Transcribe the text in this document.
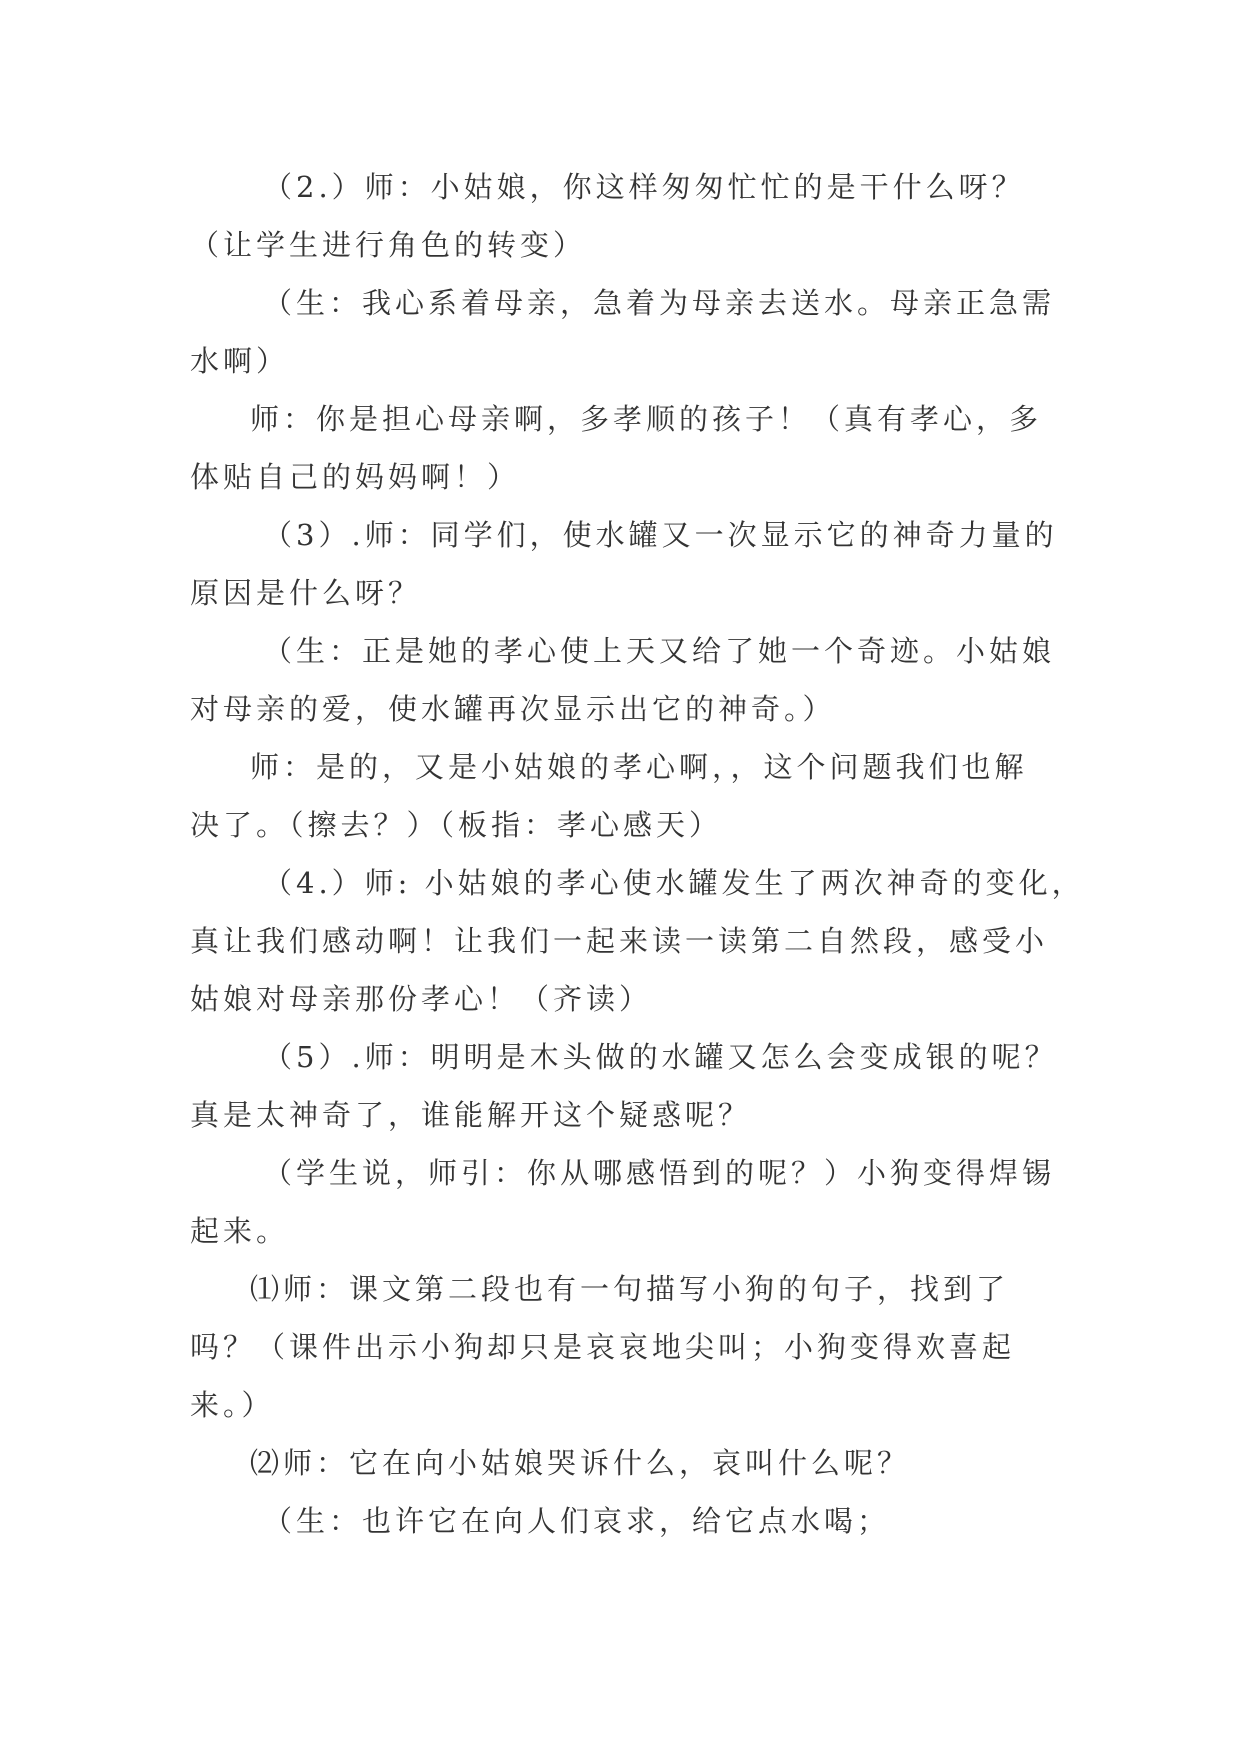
（2.）师：小姑娘，你这样匆匆忙忙的是干什么呀？
（让学生进行角色的转变）

（生：我心系着母亲，急着为母亲去送水。母亲正急需
水啊）

师：你是担心母亲啊，多孝顺的孩子！（真有孝心，多
体贴自己的妈妈啊！）

（3）.师：同学们，使水罐又一次显示它的神奇力量的
原因是什么呀？

（生：正是她的孝心使上天又给了她一个奇迹。小姑娘
对母亲的爱，使水罐再次显示出它的神奇。）

师：是的，又是小姑娘的孝心啊，，这个问题我们也解
决了。（擦去？）（板指：孝心感天）

（4.）师: 小姑娘的孝心使水罐发生了两次神奇的变化，
真让我们感动啊！让我们一起来读一读第二自然段，感受小
姑娘对母亲那份孝心！（齐读）

（5）.师：明明是木头做的水罐又怎么会变成银的呢？
真是太神奇了，谁能解开这个疑惑呢？

（学生说，师引：你从哪感悟到的呢？）小狗变得焊锡
起来。

⑴师：课文第二段也有一句描写小狗的句子，找到了
吗？（课件出示小狗却只是哀哀地尖叫；小狗变得欢喜起
来。）

⑵师：它在向小姑娘哭诉什么，哀叫什么呢？

（生：也许它在向人们哀求，给它点水喝；
